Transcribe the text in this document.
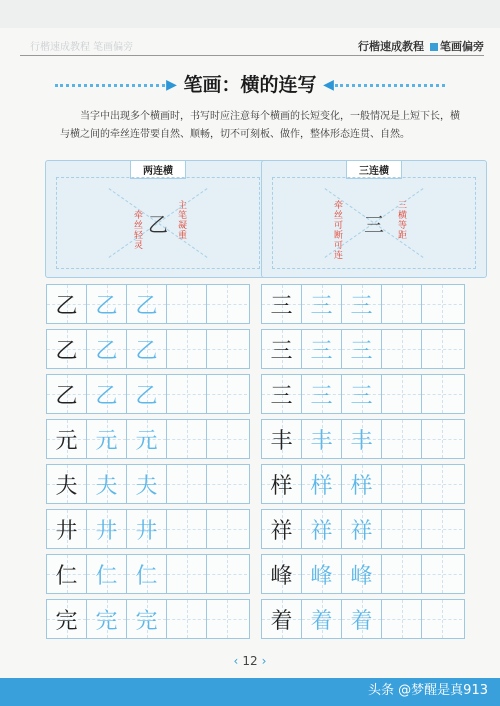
行楷速成教程 笔画偏旁	行楷速成教程 笔画偏旁
▶ 笔画：横的连写 ◀
当字中出现多个横画时，书写时应注意每个横画的长短变化，一般情况是上短下长，横与横之间的牵丝连带要自然、顺畅，切不可刻板、做作，整体形态连贯、自然。
两连横
乙 主笔凝重
牵丝轻灵
三连横
三 三横等距
牵丝可断可连
乙 乙 乙
乙 乙 乙
乙 乙 乙
元 元 元
夫 夫 夫
井 井 井
仁 仁 仁
完 完 完
三 三 三
三 三 三
三 三 三
丰 丰 丰
样 样 样
祥 祥 祥
峰 峰 峰
着 着 着
‹ 12 ›
头条 @梦醒是真913
